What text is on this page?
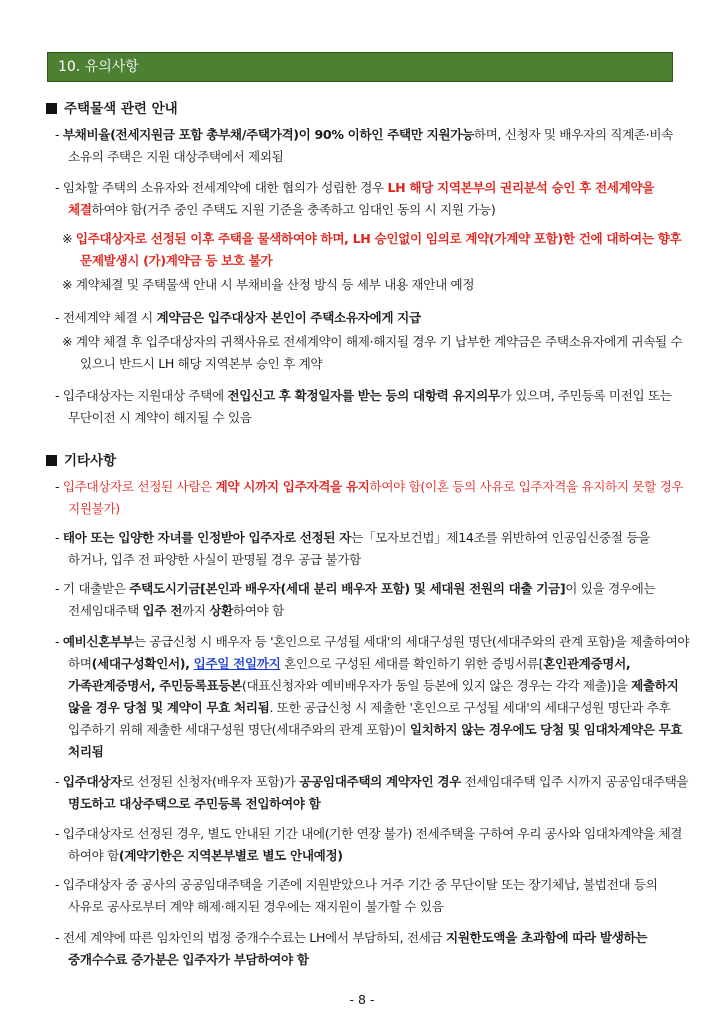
10. 유의사항
주택물색 관련 안내
- 부채비율(전세지원금 포함 총부채/주택가격)이 90% 이하인 주택만 지원가능하며, 신청자 및 배우자의 직계존·비속 소유의 주택은 지원 대상주택에서 제외됨
- 임차할 주택의 소유자와 전세계약에 대한 협의가 성립한 경우 LH 해당 지역본부의 권리분석 승인 후 전세계약을 체결하여야 함(거주 중인 주택도 지원 기준을 충족하고 임대인 동의 시 지원 가능)
※ 입주대상자로 선정된 이후 주택을 물색하여야 하며, LH 승인없이 임의로 계약(가계약 포함)한 건에 대하여는 향후 문제발생시 (가)계약금 등 보호 불가
※ 계약체결 및 주택물색 안내 시 부채비율 산정 방식 등 세부 내용 재안내 예정
- 전세계약 체결 시 계약금은 입주대상자 본인이 주택소유자에게 지급
※ 계약 체결 후 입주대상자의 귀책사유로 전세계약이 해제·해지될 경우 기 납부한 계약금은 주택소유자에게 귀속될 수 있으니 반드시 LH 해당 지역본부 승인 후 계약
- 입주대상자는 지원대상 주택에 전입신고 후 확정일자를 받는 등의 대항력 유지의무가 있으며, 주민등록 미전입 또는 무단이전 시 계약이 해지될 수 있음
기타사항
- 입주대상자로 선정된 사람은 계약 시까지 입주자격을 유지하여야 함(이혼 등의 사유로 입주자격을 유지하지 못할 경우 지원불가)
- 태아 또는 입양한 자녀를 인정받아 입주자로 선정된 자는「모자보건법」제14조를 위반하여 인공임신중절 등을 하거나, 입주 전 파양한 사실이 판명될 경우 공급 불가함
- 기 대출받은 주택도시기금[본인과 배우자(세대 분리 배우자 포함) 및 세대원 전원의 대출 기금]이 있을 경우에는 전세임대주택 입주 전까지 상환하여야 함
- 예비신혼부부는 공급신청 시 배우자 등 '혼인으로 구성될 세대'의 세대구성원 명단(세대주와의 관계 포함)을 제출하여야 하며(세대구성확인서), 입주일 전일까지 혼인으로 구성된 세대를 확인하기 위한 증빙서류[혼인관계증명서, 가족관계증명서, 주민등록표등본(대표신청자와 예비배우자가 동일 등본에 있지 않은 경우는 각각 제출)]을 제출하지 않을 경우 당첨 및 계약이 무효 처리됨. 또한 공급신청 시 제출한 '혼인으로 구성될 세대'의 세대구성원 명단과 추후 입주하기 위해 제출한 세대구성원 명단(세대주와의 관계 포함)이 일치하지 않는 경우에도 당첨 및 임대차계약은 무효 처리됨
- 입주대상자로 선정된 신청자(배우자 포함)가 공공임대주택의 계약자인 경우 전세임대주택 입주 시까지 공공임대주택을 명도하고 대상주택으로 주민등록 전입하여야 함
- 입주대상자로 선정된 경우, 별도 안내된 기간 내에(기한 연장 불가) 전세주택을 구하여 우리 공사와 임대차계약을 체결 하여야 함(계약기한은 지역본부별로 별도 안내예정)
- 입주대상자 중 공사의 공공임대주택을 기존에 지원받았으나 거주 기간 중 무단이탈 또는 장기체납, 불법전대 등의 사유로 공사로부터 계약 해제·해지된 경우에는 재지원이 불가할 수 있음
- 전세 계약에 따른 임차인의 법정 중개수수료는 LH에서 부담하되, 전세금 지원한도액을 초과함에 따라 발생하는 중개수수료 증가분은 입주자가 부담하여야 함
- 8 -
